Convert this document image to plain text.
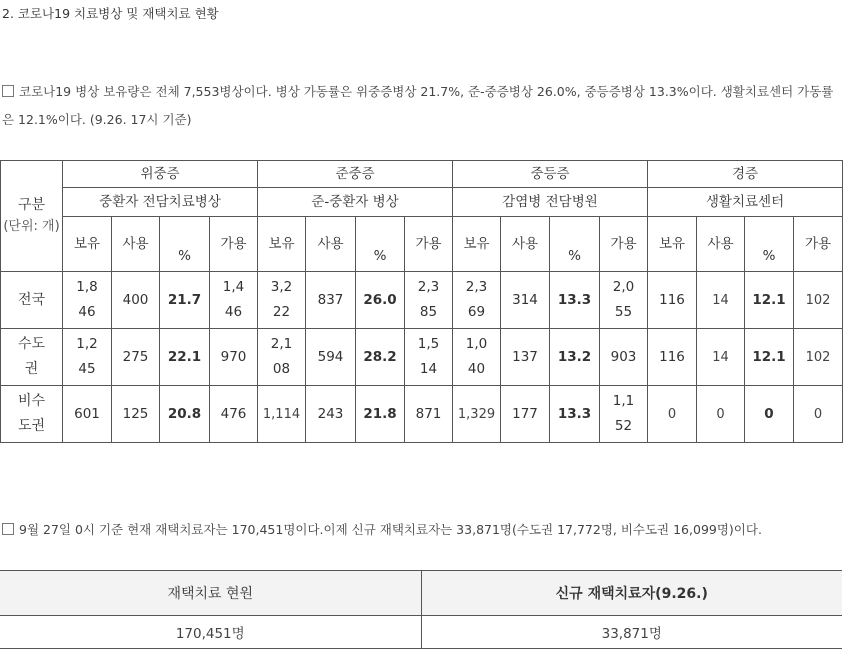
2. 코로나19 치료병상 및 재택치료 현황
코로나19 병상 보유량은 전체 7,553병상이다. 병상 가동률은 위중증병상 21.7%, 준-중증병상 26.0%, 중등증병상 13.3%이다. 생활치료센터 가동률은 12.1%이다. (9.26. 17시 기준)
구분
(단위: 개)	위중증				준중증				중등증				경증			
	중환자 전담치료병상				준-중환자 병상				감염병 전담병원				생활치료센터			
	보유	사용	%	가용	보유	사용	%	가용	보유	사용	%	가용	보유	사용	%	가용
전국	1,846	400	21.7	1,446	3,222	837	26.0	2,385	2,369	314	13.3	2,055	116	14	12.1	102
수도권	1,245	275	22.1	970	2,108	594	28.2	1,514	1,040	137	13.2	903	116	14	12.1	102
비수도권	601	125	20.8	476	1,114	243	21.8	871	1,329	177	13.3	1,152	0	0	0	0
9월 27일 0시 기준 현재 재택치료자는 170,451명이다.이제 신규 재택치료자는 33,871명(수도권 17,772명, 비수도권 16,099명)이다.
재택치료 현원	신규 재택치료자(9.26.)
170,451명	33,871명
